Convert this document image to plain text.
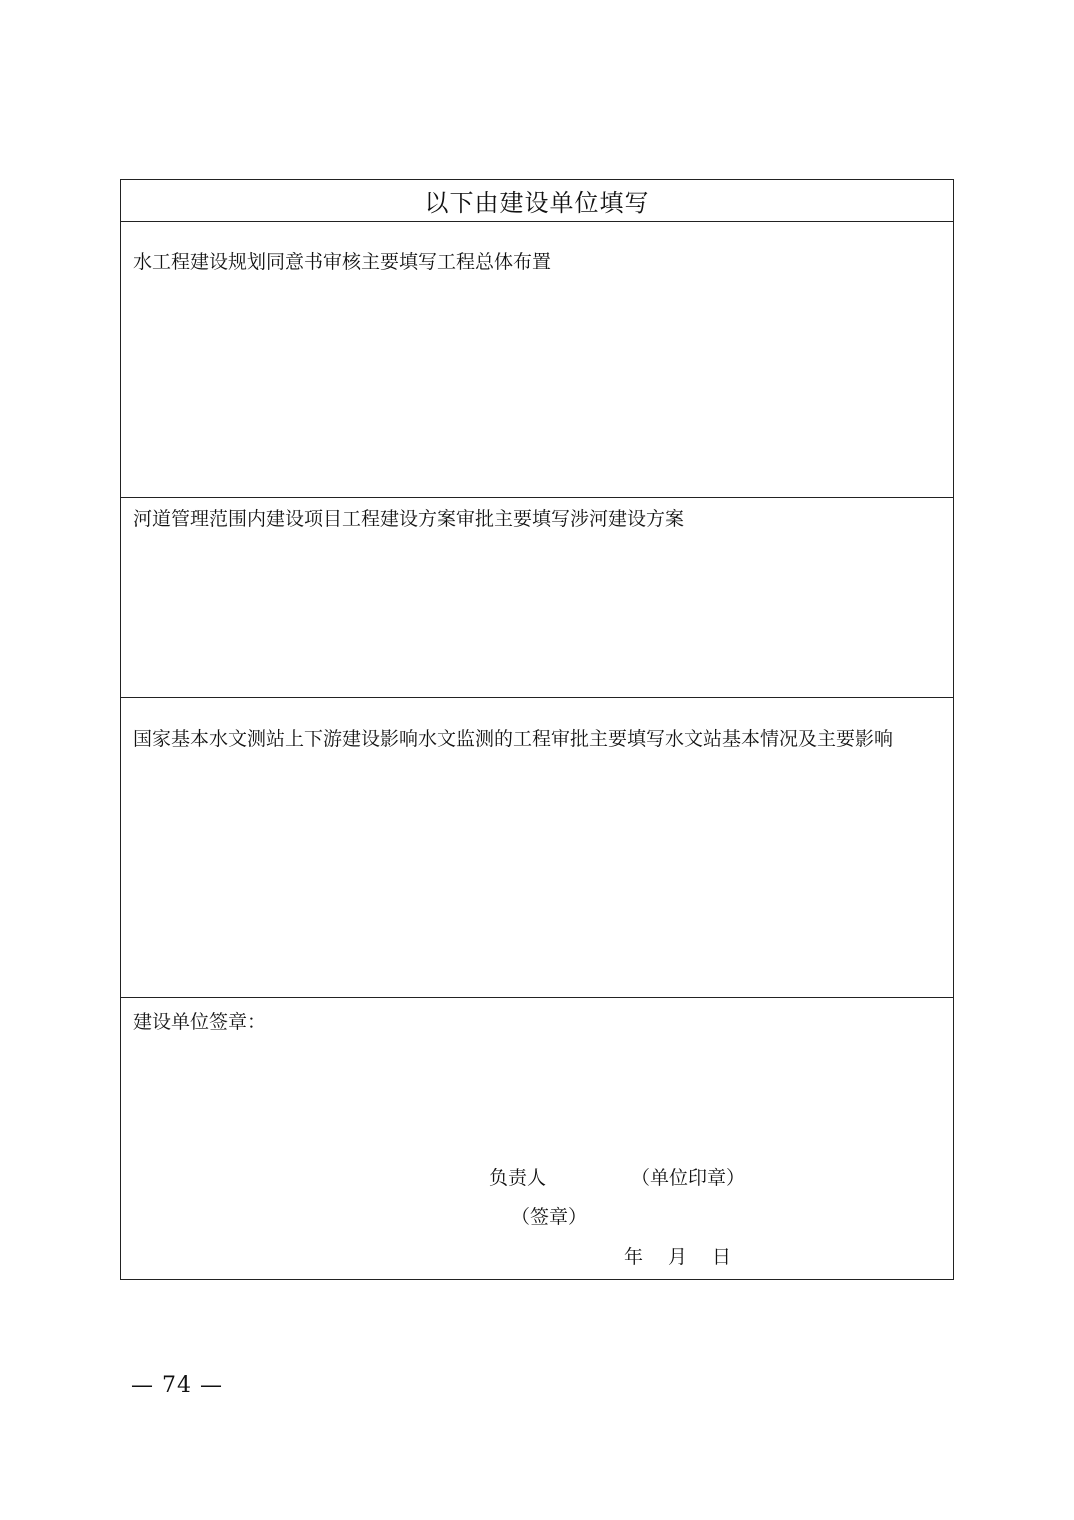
以下由建设单位填写
水工程建设规划同意书审核主要填写工程总体布置
河道管理范围内建设项目工程建设方案审批主要填写涉河建设方案
国家基本水文测站上下游建设影响水文监测的工程审批主要填写水文站基本情况及主要影响
建设单位签章：
负责人	（单位印章）
（签章）
年 月 日
— 74 —
